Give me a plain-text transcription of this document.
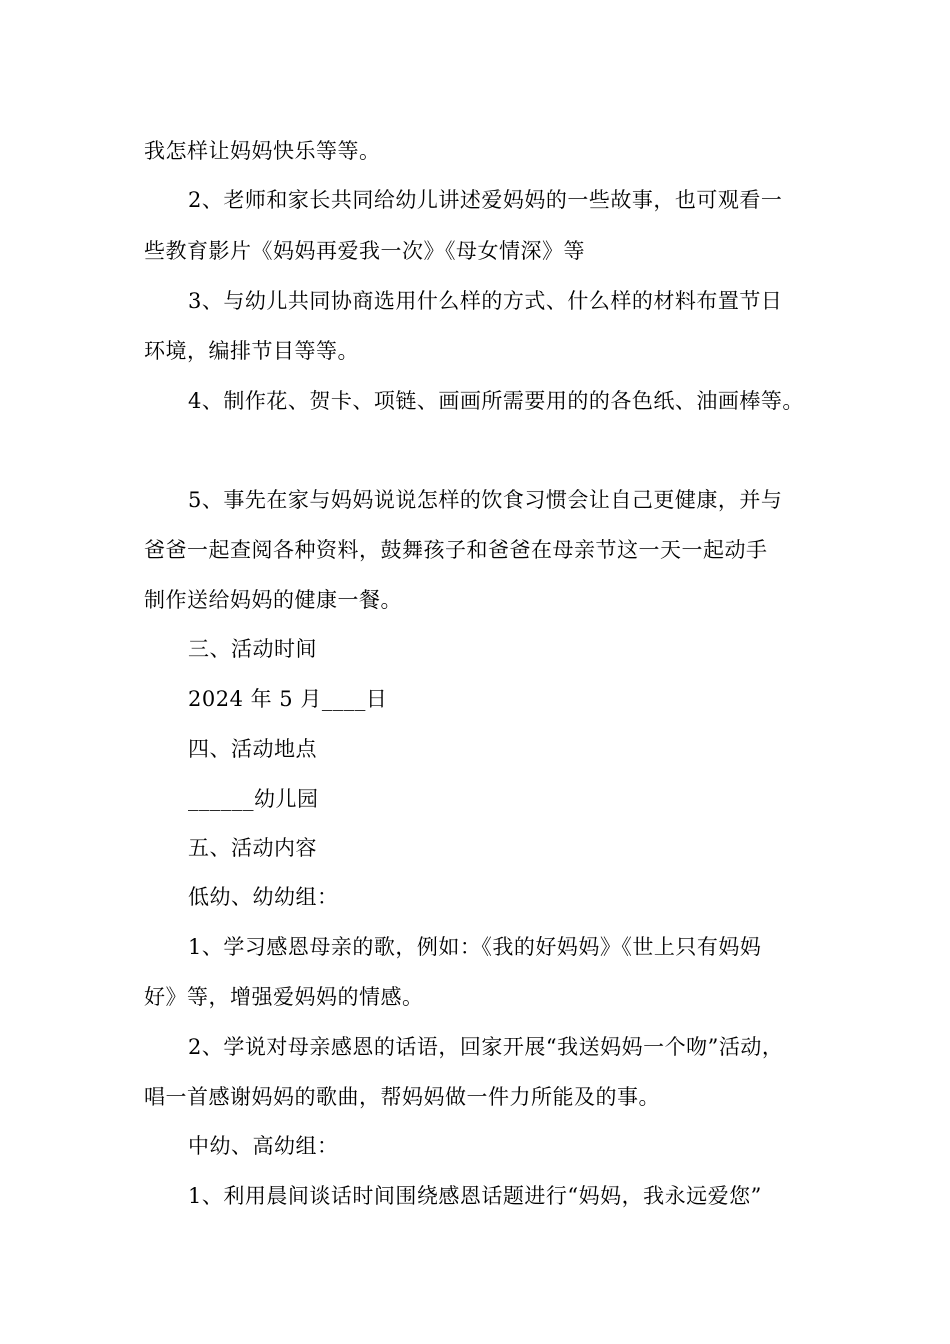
我怎样让妈妈快乐等等。
2、老师和家长共同给幼儿讲述爱妈妈的一些故事，也可观看一
些教育影片《妈妈再爱我一次》《母女情深》等
3、与幼儿共同协商选用什么样的方式、什么样的材料布置节日
环境，编排节目等等。
4、制作花、贺卡、项链、画画所需要用的的各色纸、油画棒等。
5、事先在家与妈妈说说怎样的饮食习惯会让自己更健康，并与
爸爸一起查阅各种资料，鼓舞孩子和爸爸在母亲节这一天一起动手
制作送给妈妈的健康一餐。
三、活动时间
2024 年 5 月____日
四、活动地点
______幼儿园
五、活动内容
低幼、幼幼组：
1、学习感恩母亲的歌，例如：《我的好妈妈》《世上只有妈妈
好》等，增强爱妈妈的情感。
2、学说对母亲感恩的话语，回家开展“我送妈妈一个吻”活动，
唱一首感谢妈妈的歌曲，帮妈妈做一件力所能及的事。
中幼、高幼组：
1、利用晨间谈话时间围绕感恩话题进行“妈妈，我永远爱您”
